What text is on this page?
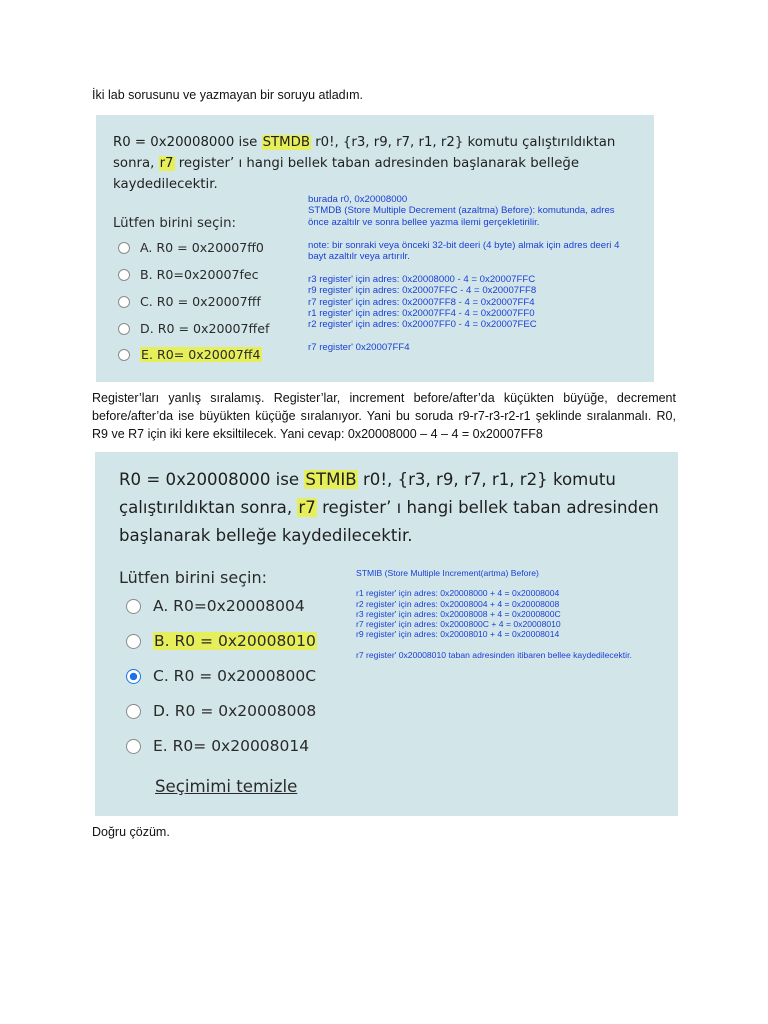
İki lab sorusunu ve yazmayan bir soruyu atladım.
R0 = 0x20008000 ise STMDB r0!, {r3, r9, r7, r1, r2} komutu çalıştırıldıktan sonra, r7 register’ ı hangi bellek taban adresinden başlanarak belleğe kaydedilecektir.
Lütfen birini seçin:
A. R0 = 0x20007ff0
B. R0=0x20007fec
C. R0 = 0x20007fff
D. R0 = 0x20007ffef
E. R0= 0x20007ff4
burada r0, 0x20008000
STMDB (Store Multiple Decrement (azaltma) Before): komutunda, adres
önce azaltılr ve sonra bellee yazma ilemi gerçekletirilir.

note: bir sonraki veya önceki 32-bit deeri (4 byte) almak için adres deeri 4
bayt azaltılr veya artırılr.

r3 register' için adres: 0x20008000 - 4 = 0x20007FFC
r9 register' için adres: 0x20007FFC - 4 = 0x20007FF8
r7 register' için adres: 0x20007FF8 - 4 = 0x20007FF4
r1 register' için adres: 0x20007FF4 - 4 = 0x20007FF0
r2 register' için adres: 0x20007FF0 - 4 = 0x20007FEC

r7 register' 0x20007FF4
Register’ları yanlış sıralamış. Register’lar, increment before/after’da küçükten büyüğe, decrement before/after’da ise büyükten küçüğe sıralanıyor. Yani bu soruda r9-r7-r3-r2-r1 şeklinde sıralanmalı. R0, R9 ve R7 için iki kere eksiltilecek. Yani cevap: 0x20008000 – 4 – 4 = 0x20007FF8
R0 = 0x20008000 ise STMIB r0!, {r3, r9, r7, r1, r2} komutu çalıştırıldıktan sonra, r7 register’ ı hangi bellek taban adresinden başlanarak belleğe kaydedilecektir.
Lütfen birini seçin:
A. R0=0x20008004
B. R0 = 0x20008010
C. R0 = 0x2000800C
D. R0 = 0x20008008
E. R0= 0x20008014
STMIB (Store Multiple Increment(artma) Before)

r1 register' için adres: 0x20008000 + 4 = 0x20008004
r2 register' için adres: 0x20008004 + 4 = 0x20008008
r3 register' için adres: 0x20008008 + 4 = 0x2000800C
r7 register' için adres: 0x2000800C + 4 = 0x20008010
r9 register' için adres: 0x20008010 + 4 = 0x20008014

r7 register' 0x20008010 taban adresinden itibaren bellee kaydedilecektir.
Seçimimi temizle
Doğru çözüm.
